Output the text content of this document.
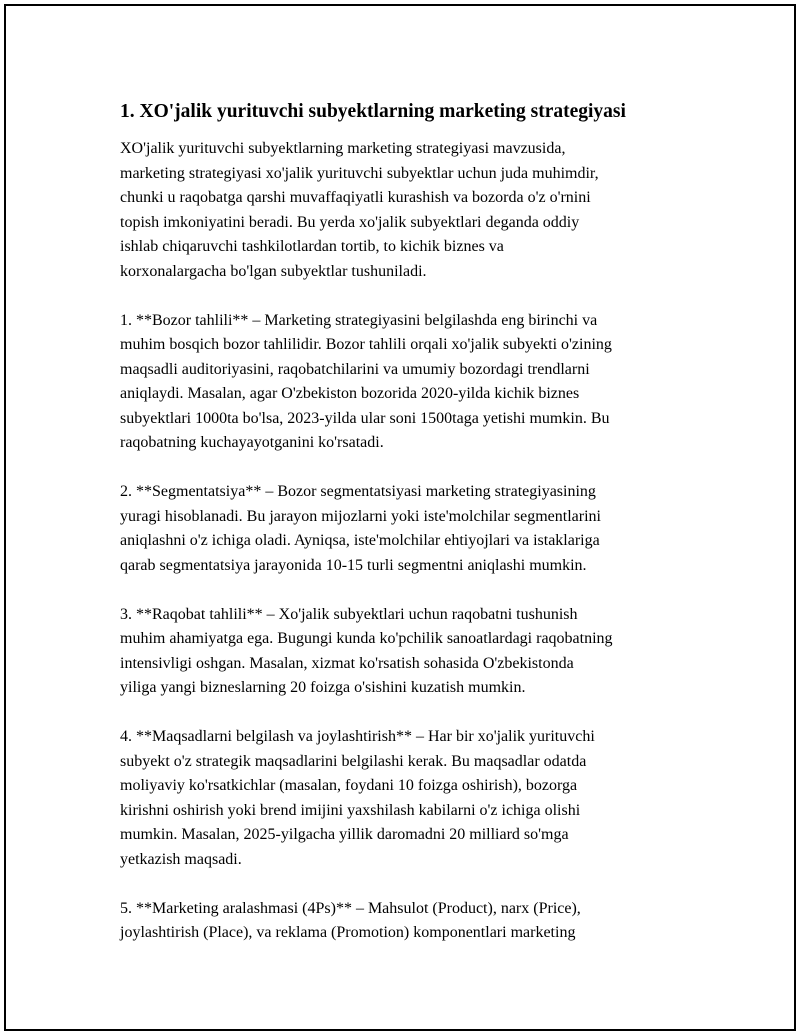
1. XO'jalik yurituvchi subyektlarning marketing strategiyasi

XO'jalik yurituvchi subyektlarning marketing strategiyasi mavzusida,
marketing strategiyasi xo'jalik yurituvchi subyektlar uchun juda muhimdir,
chunki u raqobatga qarshi muvaffaqiyatli kurashish va bozorda o'z o'rnini
topish imkoniyatini beradi. Bu yerda xo'jalik subyektlari deganda oddiy
ishlab chiqaruvchi tashkilotlardan tortib, to kichik biznes va
korxonalargacha bo'lgan subyektlar tushuniladi.

1. **Bozor tahlili** – Marketing strategiyasini belgilashda eng birinchi va
muhim bosqich bozor tahlilidir. Bozor tahlili orqali xo'jalik subyekti o'zining
maqsadli auditoriyasini, raqobatchilarini va umumiy bozordagi trendlarni
aniqlaydi. Masalan, agar O'zbekiston bozorida 2020-yilda kichik biznes
subyektlari 1000ta bo'lsa, 2023-yilda ular soni 1500taga yetishi mumkin. Bu
raqobatning kuchayayotganini ko'rsatadi.

2. **Segmentatsiya** – Bozor segmentatsiyasi marketing strategiyasining
yuragi hisoblanadi. Bu jarayon mijozlarni yoki iste'molchilar segmentlarini
aniqlashni o'z ichiga oladi. Ayniqsa, iste'molchilar ehtiyojlari va istaklariga
qarab segmentatsiya jarayonida 10-15 turli segmentni aniqlashi mumkin.

3. **Raqobat tahlili** – Xo'jalik subyektlari uchun raqobatni tushunish
muhim ahamiyatga ega. Bugungi kunda ko'pchilik sanoatlardagi raqobatning
intensivligi oshgan. Masalan, xizmat ko'rsatish sohasida O'zbekistonda
yiliga yangi bizneslarning 20 foizga o'sishini kuzatish mumkin.

4. **Maqsadlarni belgilash va joylashtirish** – Har bir xo'jalik yurituvchi
subyekt o'z strategik maqsadlarini belgilashi kerak. Bu maqsadlar odatda
moliyaviy ko'rsatkichlar (masalan, foydani 10 foizga oshirish), bozorga
kirishni oshirish yoki brend imijini yaxshilash kabilarni o'z ichiga olishi
mumkin. Masalan, 2025-yilgacha yillik daromadni 20 milliard so'mga
yetkazish maqsadi.

5. **Marketing aralashmasi (4Ps)** – Mahsulot (Product), narx (Price),
joylashtirish (Place), va reklama (Promotion) komponentlari marketing
